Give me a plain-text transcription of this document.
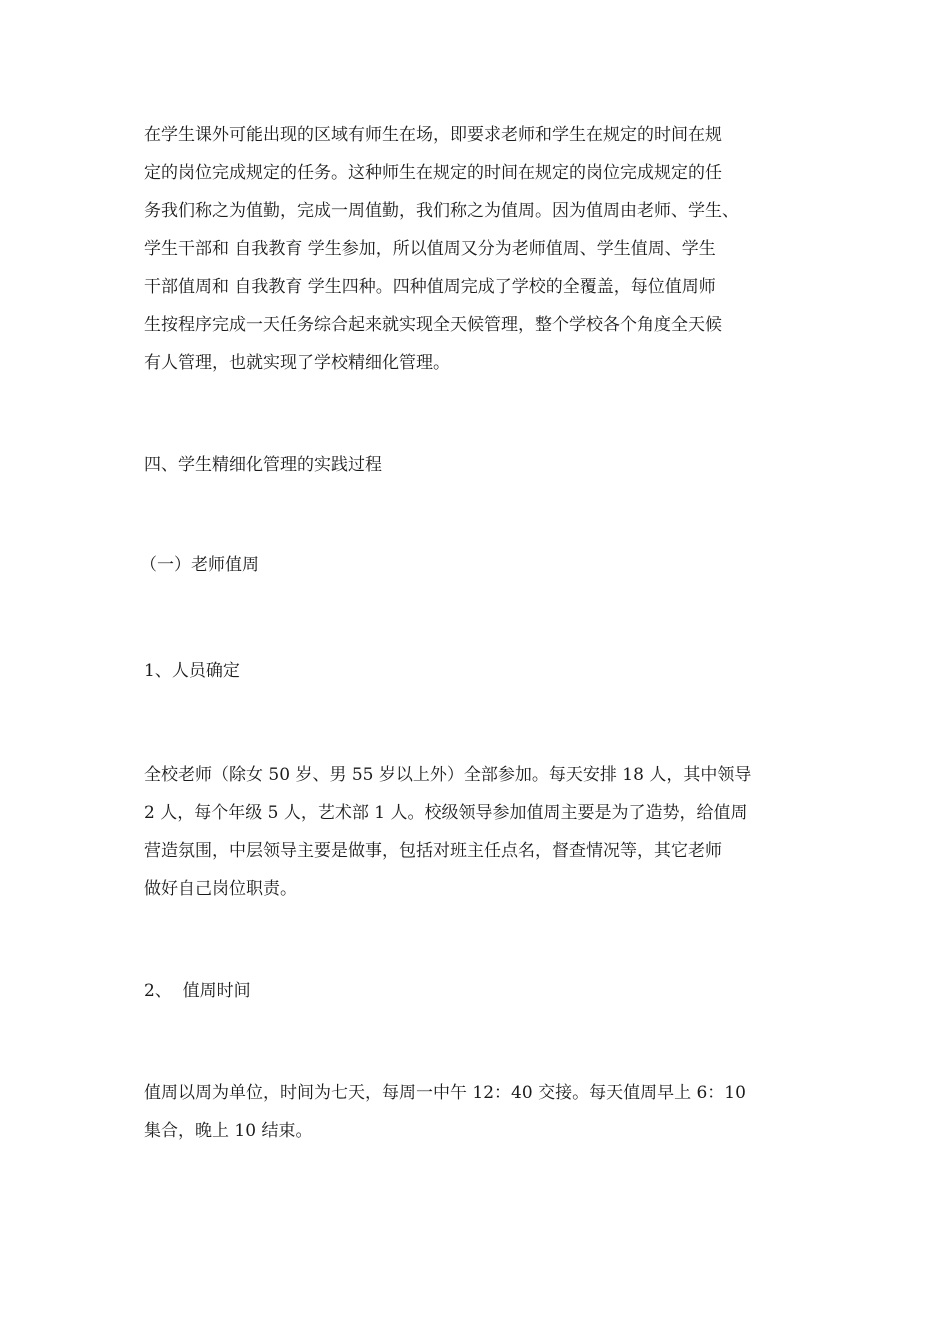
在学生课外可能出现的区域有师生在场，即要求老师和学生在规定的时间在规
定的岗位完成规定的任务。这种师生在规定的时间在规定的岗位完成规定的任
务我们称之为值勤，完成一周值勤，我们称之为值周。因为值周由老师、学生、
学生干部和 自我教育 学生参加，所以值周又分为老师值周、学生值周、学生
干部值周和 自我教育 学生四种。四种值周完成了学校的全覆盖，每位值周师
生按程序完成一天任务综合起来就实现全天候管理，整个学校各个角度全天候
有人管理，也就实现了学校精细化管理。
四、学生精细化管理的实践过程
（一）老师值周
1、人员确定
全校老师（除女 50 岁、男 55 岁以上外）全部参加。每天安排 18 人，其中领导
2 人，每个年级 5 人，艺术部 1 人。校级领导参加值周主要是为了造势，给值周
营造氛围，中层领导主要是做事，包括对班主任点名，督查情况等，其它老师
做好自己岗位职责。
2、  值周时间
值周以周为单位，时间为七天，每周一中午 12：40 交接。每天值周早上 6：10
集合，晚上 10 结束。
